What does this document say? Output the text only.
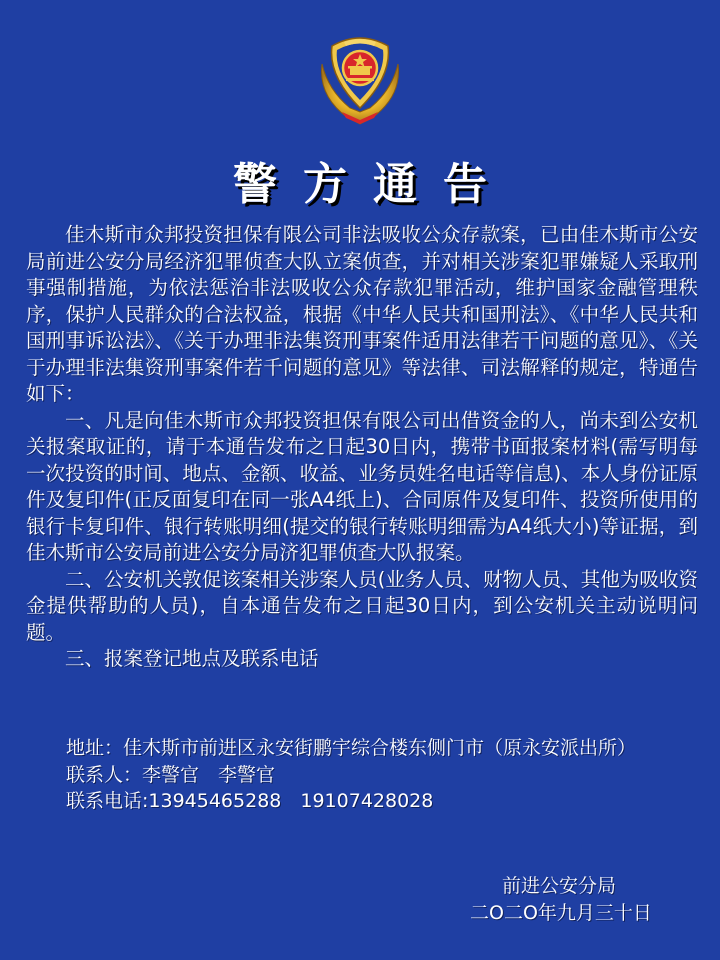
警方通告

佳木斯市众邦投资担保有限公司非法吸收公众存款案，已由佳木斯市公安局前进公安分局经济犯罪侦查大队立案侦查，并对相关涉案犯罪嫌疑人采取刑事强制措施，为依法惩治非法吸收公众存款犯罪活动，维护国家金融管理秩序，保护人民群众的合法权益，根据《中华人民共和国刑法》、《中华人民共和国刑事诉讼法》、《关于办理非法集资刑事案件适用法律若干问题的意见》、《关于办理非法集资刑事案件若千问题的意见》等法律、司法解释的规定，特通告如下：

一、凡是向佳木斯市众邦投资担保有限公司出借资金的人，尚未到公安机关报案取证的，请于本通告发布之日起30日内，携带书面报案材料(需写明每一次投资的时间、地点、金额、收益、业务员姓名电话等信息)、本人身份证原件及复印件(正反面复印在同一张A4纸上)、合同原件及复印件、投资所使用的银行卡复印件、银行转账明细(提交的银行转账明细需为A4纸大小)等证据，到佳木斯市公安局前进公安分局济犯罪侦查大队报案。

二、公安机关敦促该案相关涉案人员(业务人员、财物人员、其他为吸收资金提供帮助的人员)，自本通告发布之日起30日内，到公安机关主动说明问题。

三、报案登记地点及联系电话

地址：佳木斯市前进区永安街鹏宇综合楼东侧门市（原永安派出所）
联系人：李警官　李警官
联系电话:13945465288　19107428028
前进公安分局
二O二O年九月三十日
